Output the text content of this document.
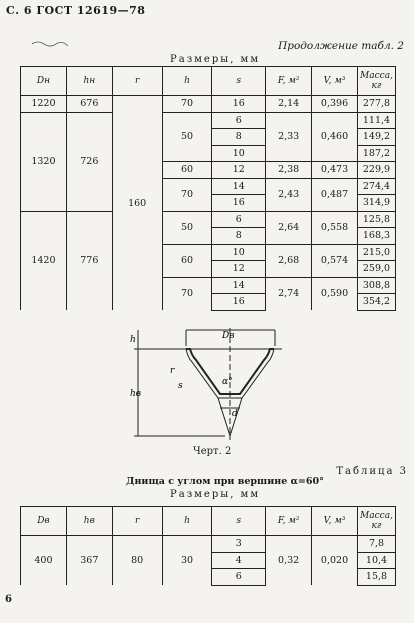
С. 6 ГОСТ 12619—78
Продолжение табл. 2
Размеры, мм
Dн	hн	r	h	s	F, м²	V, м³	Масса, кг
1220	676	160	70	16	2,14	0,396	277,8
1320	726		50	6	2,33	0,460	111,4
				8			149,2
				10			187,2
			60	12	2,38	0,473	229,9
			70	14	2,43	0,487	274,4
				16			314,9
1420	776		50	6	2,64	0,558	125,8
				8			168,3
			60	10	2,68	0,574	215,0
				12			259,0
			70	14	2,74	0,590	308,8
				16			354,2
h	Dв
r
s	α°
hв
d
Черт. 2
Таблица 3
Днища с углом при вершине α=60°
Размеры, мм
Dв	hв	r	h	s	F, м²	V, м³	Масса, кг
400	367	80	30	3	0,32	0,020	7,8
				4			10,4
				6			15,8
6
